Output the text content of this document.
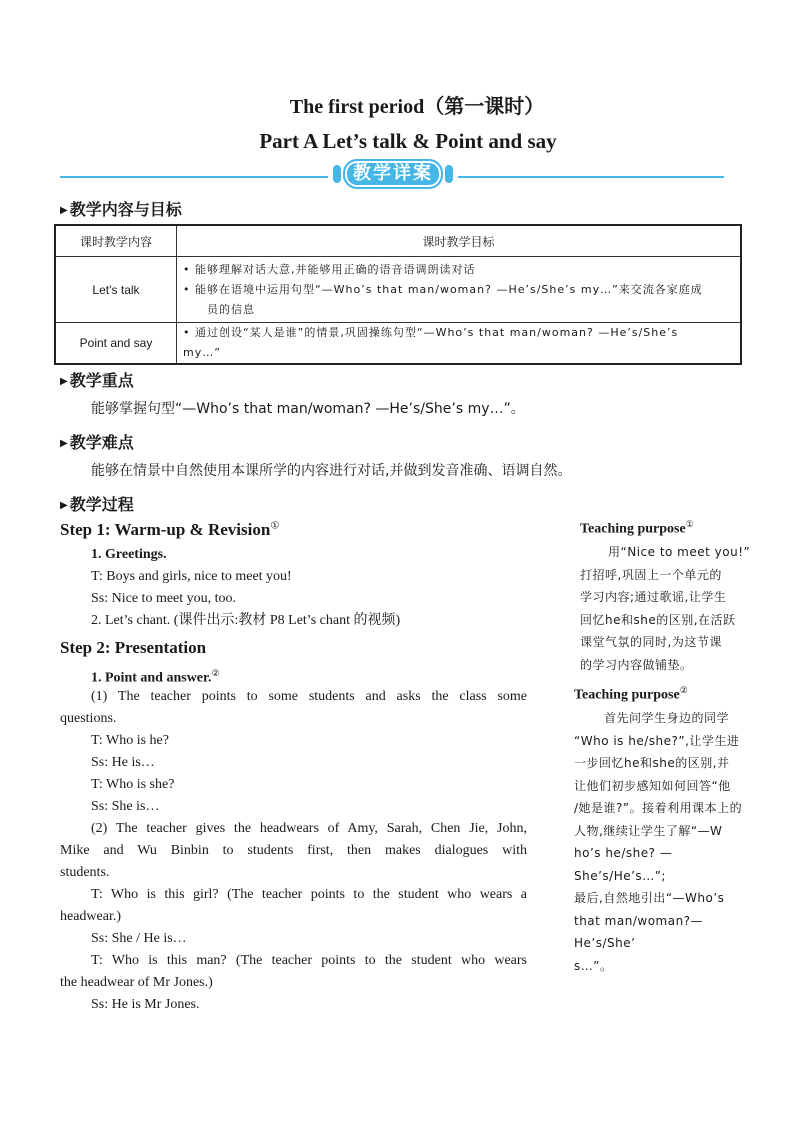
The first period（第一课时）
Part A Let’s talk & Point and say
教学详案
▶ 教学内容与目标
课时教学内容	课时教学目标
Let’s talk	• 能够理解对话大意,并能够用正确的语音语调朗读对话
• 能够在语境中运用句型“—Who’s that man/woman? —He’s/She’s my…”来交流各家庭成
员的信息

Point and say	• 通过创设“某人是谁”的情景,巩固操练句型“—Who’s that man/woman? —He’s/She’s
my…”
▶ 教学重点
能够掌握句型“—Who’s that man/woman? —He’s/She’s my…”。
▶ 教学难点
能够在情景中自然使用本课所学的内容进行对话,并做到发音准确、语调自然。
▶ 教学过程
Step 1: Warm-up & Revision①
1. Greetings.
T: Boys and girls, nice to meet you!
Ss: Nice to meet you, too.
2. Let’s chant. (课件出示:教材 P8 Let’s chant 的视频)
Step 2: Presentation
1. Point and answer.②
(1) The teacher points to some students and asks the class some
questions.
T: Who is he?
Ss: He is…
T: Who is she?
Ss: She is…
(2) The teacher gives the headwears of Amy, Sarah, Chen Jie, John,
Mike and Wu Binbin to students first, then makes dialogues with
students.
T: Who is this girl? (The teacher points to the student who wears a
headwear.)
Ss: She / He is…
T: Who is this man? (The teacher points to the student who wears
the headwear of Mr Jones.)
Ss: He is Mr Jones.
Teaching purpose①
用“Nice to meet you!”
打招呼,巩固上一个单元的
学习内容;通过歌谣,让学生
回忆he和she的区别,在活跃
课堂气氛的同时,为这节课
的学习内容做铺垫。
Teaching purpose②
首先问学生身边的同学
“Who is he/she?”,让学生进
一步回忆he和she的区别,并
让他们初步感知如何回答“他
/她是谁?”。接着利用课本上的
人物,继续让学生了解“—W
ho’s he/she? —She’s/He’s…”;
最后,自然地引出“—Who’s
that man/woman?—He’s/She’
s…”。
